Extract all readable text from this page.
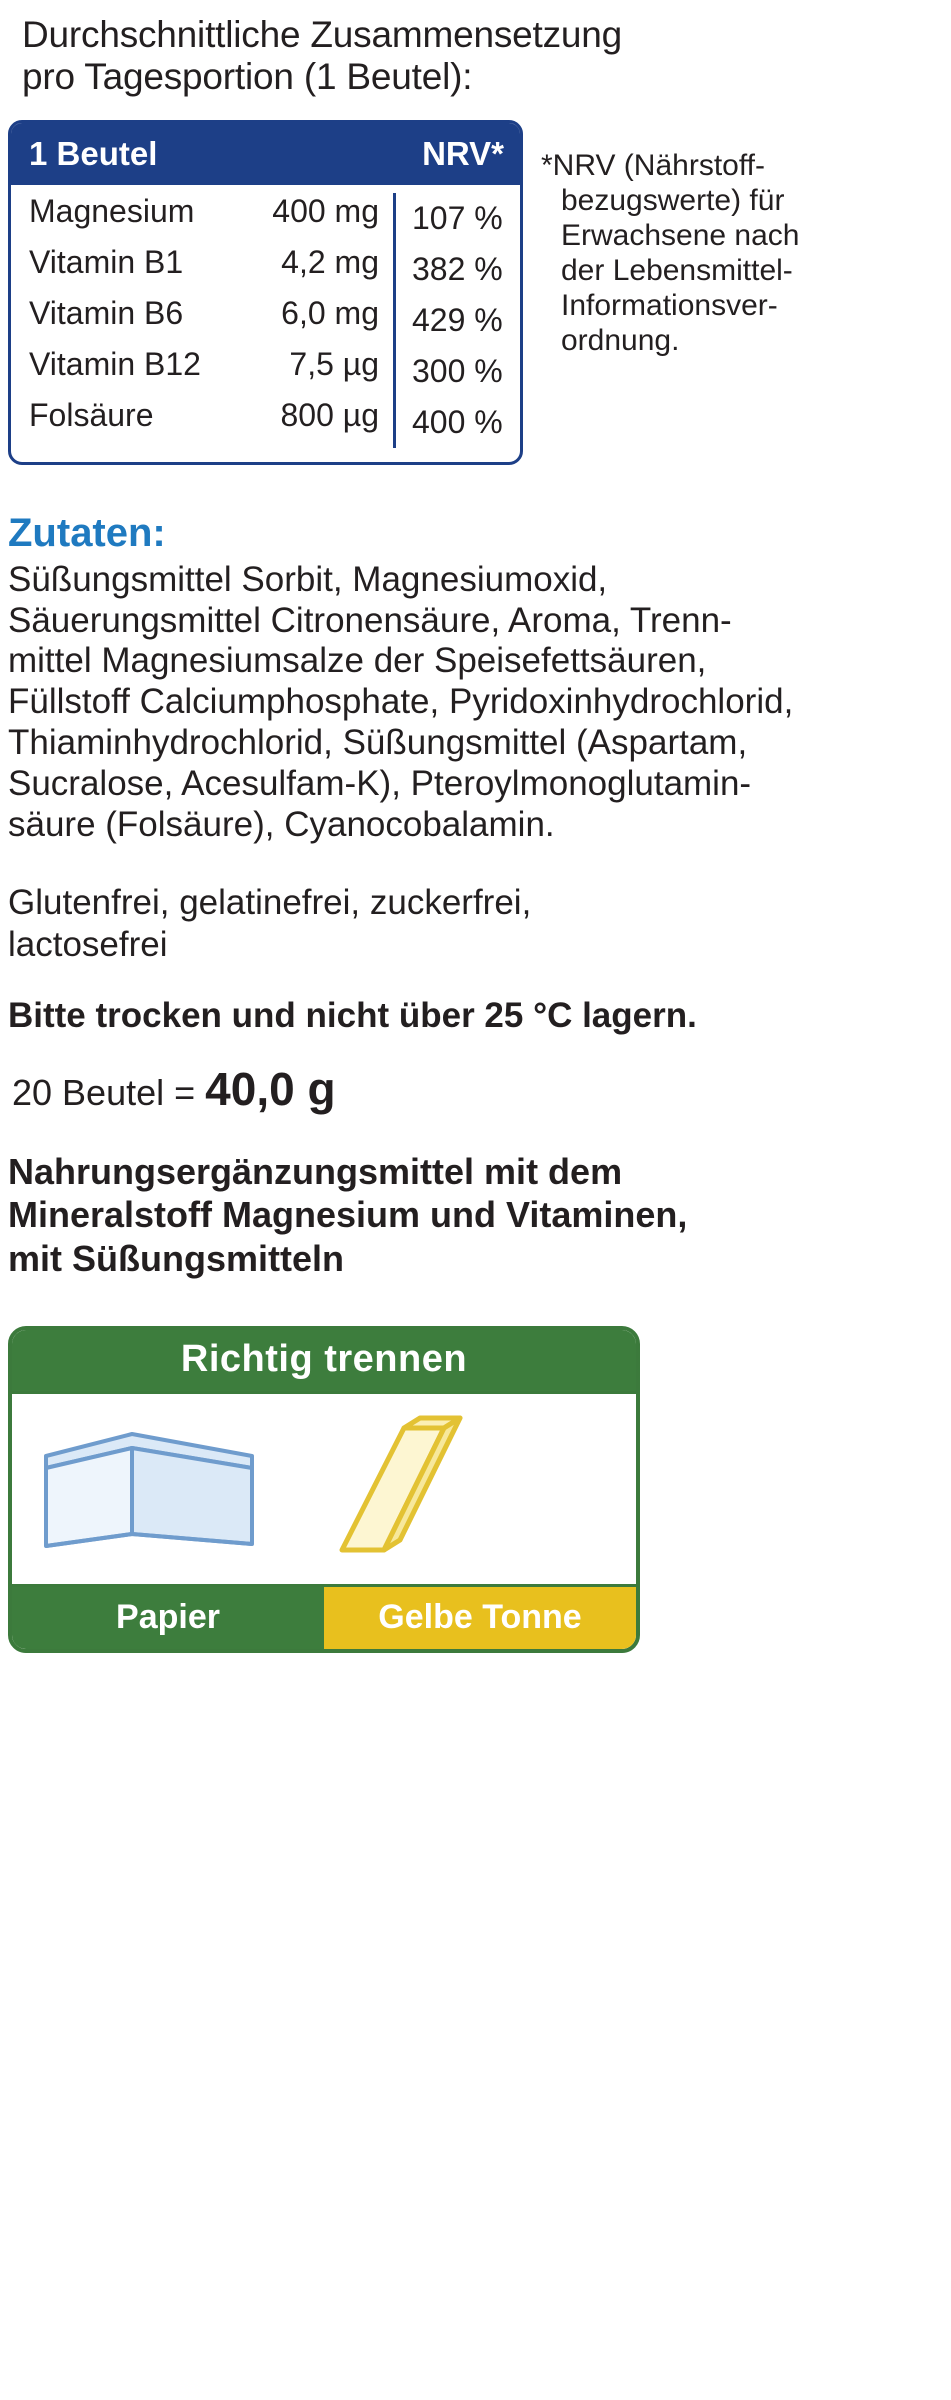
Durchschnittliche Zusammensetzung
pro Tagesportion (1 Beutel):
1 Beutel	NRV*
Magnesium	400 mg	107 %
Vitamin B1	4,2 mg	382 %
Vitamin B6	6,0 mg	429 %
Vitamin B12	7,5 µg	300 %
Folsäure	800 µg	400 %
*NRV (Nährstoff-
bezugswerte) für
Erwachsene nach
der Lebensmittel-
Informationsver-
ordnung.
Zutaten:
Süßungsmittel Sorbit, Magnesiumoxid,
Säuerungsmittel Citronensäure, Aroma, Trenn-
mittel Magnesiumsalze der Speisefettsäuren,
Füllstoff Calciumphosphate, Pyridoxinhydrochlorid,
Thiaminhydrochlorid, Süßungsmittel (Aspartam,
Sucralose, Acesulfam-K), Pteroylmonoglutamin-
säure (Folsäure), Cyanocobalamin.
Glutenfrei, gelatinefrei, zuckerfrei,
lactosefrei
Bitte trocken und nicht über 25 °C lagern.
20 Beutel = 40,0 g
Nahrungsergänzungsmittel mit dem
Mineralstoff Magnesium und Vitaminen,
mit Süßungsmitteln
Richtig trennen
Papier	Gelbe Tonne
